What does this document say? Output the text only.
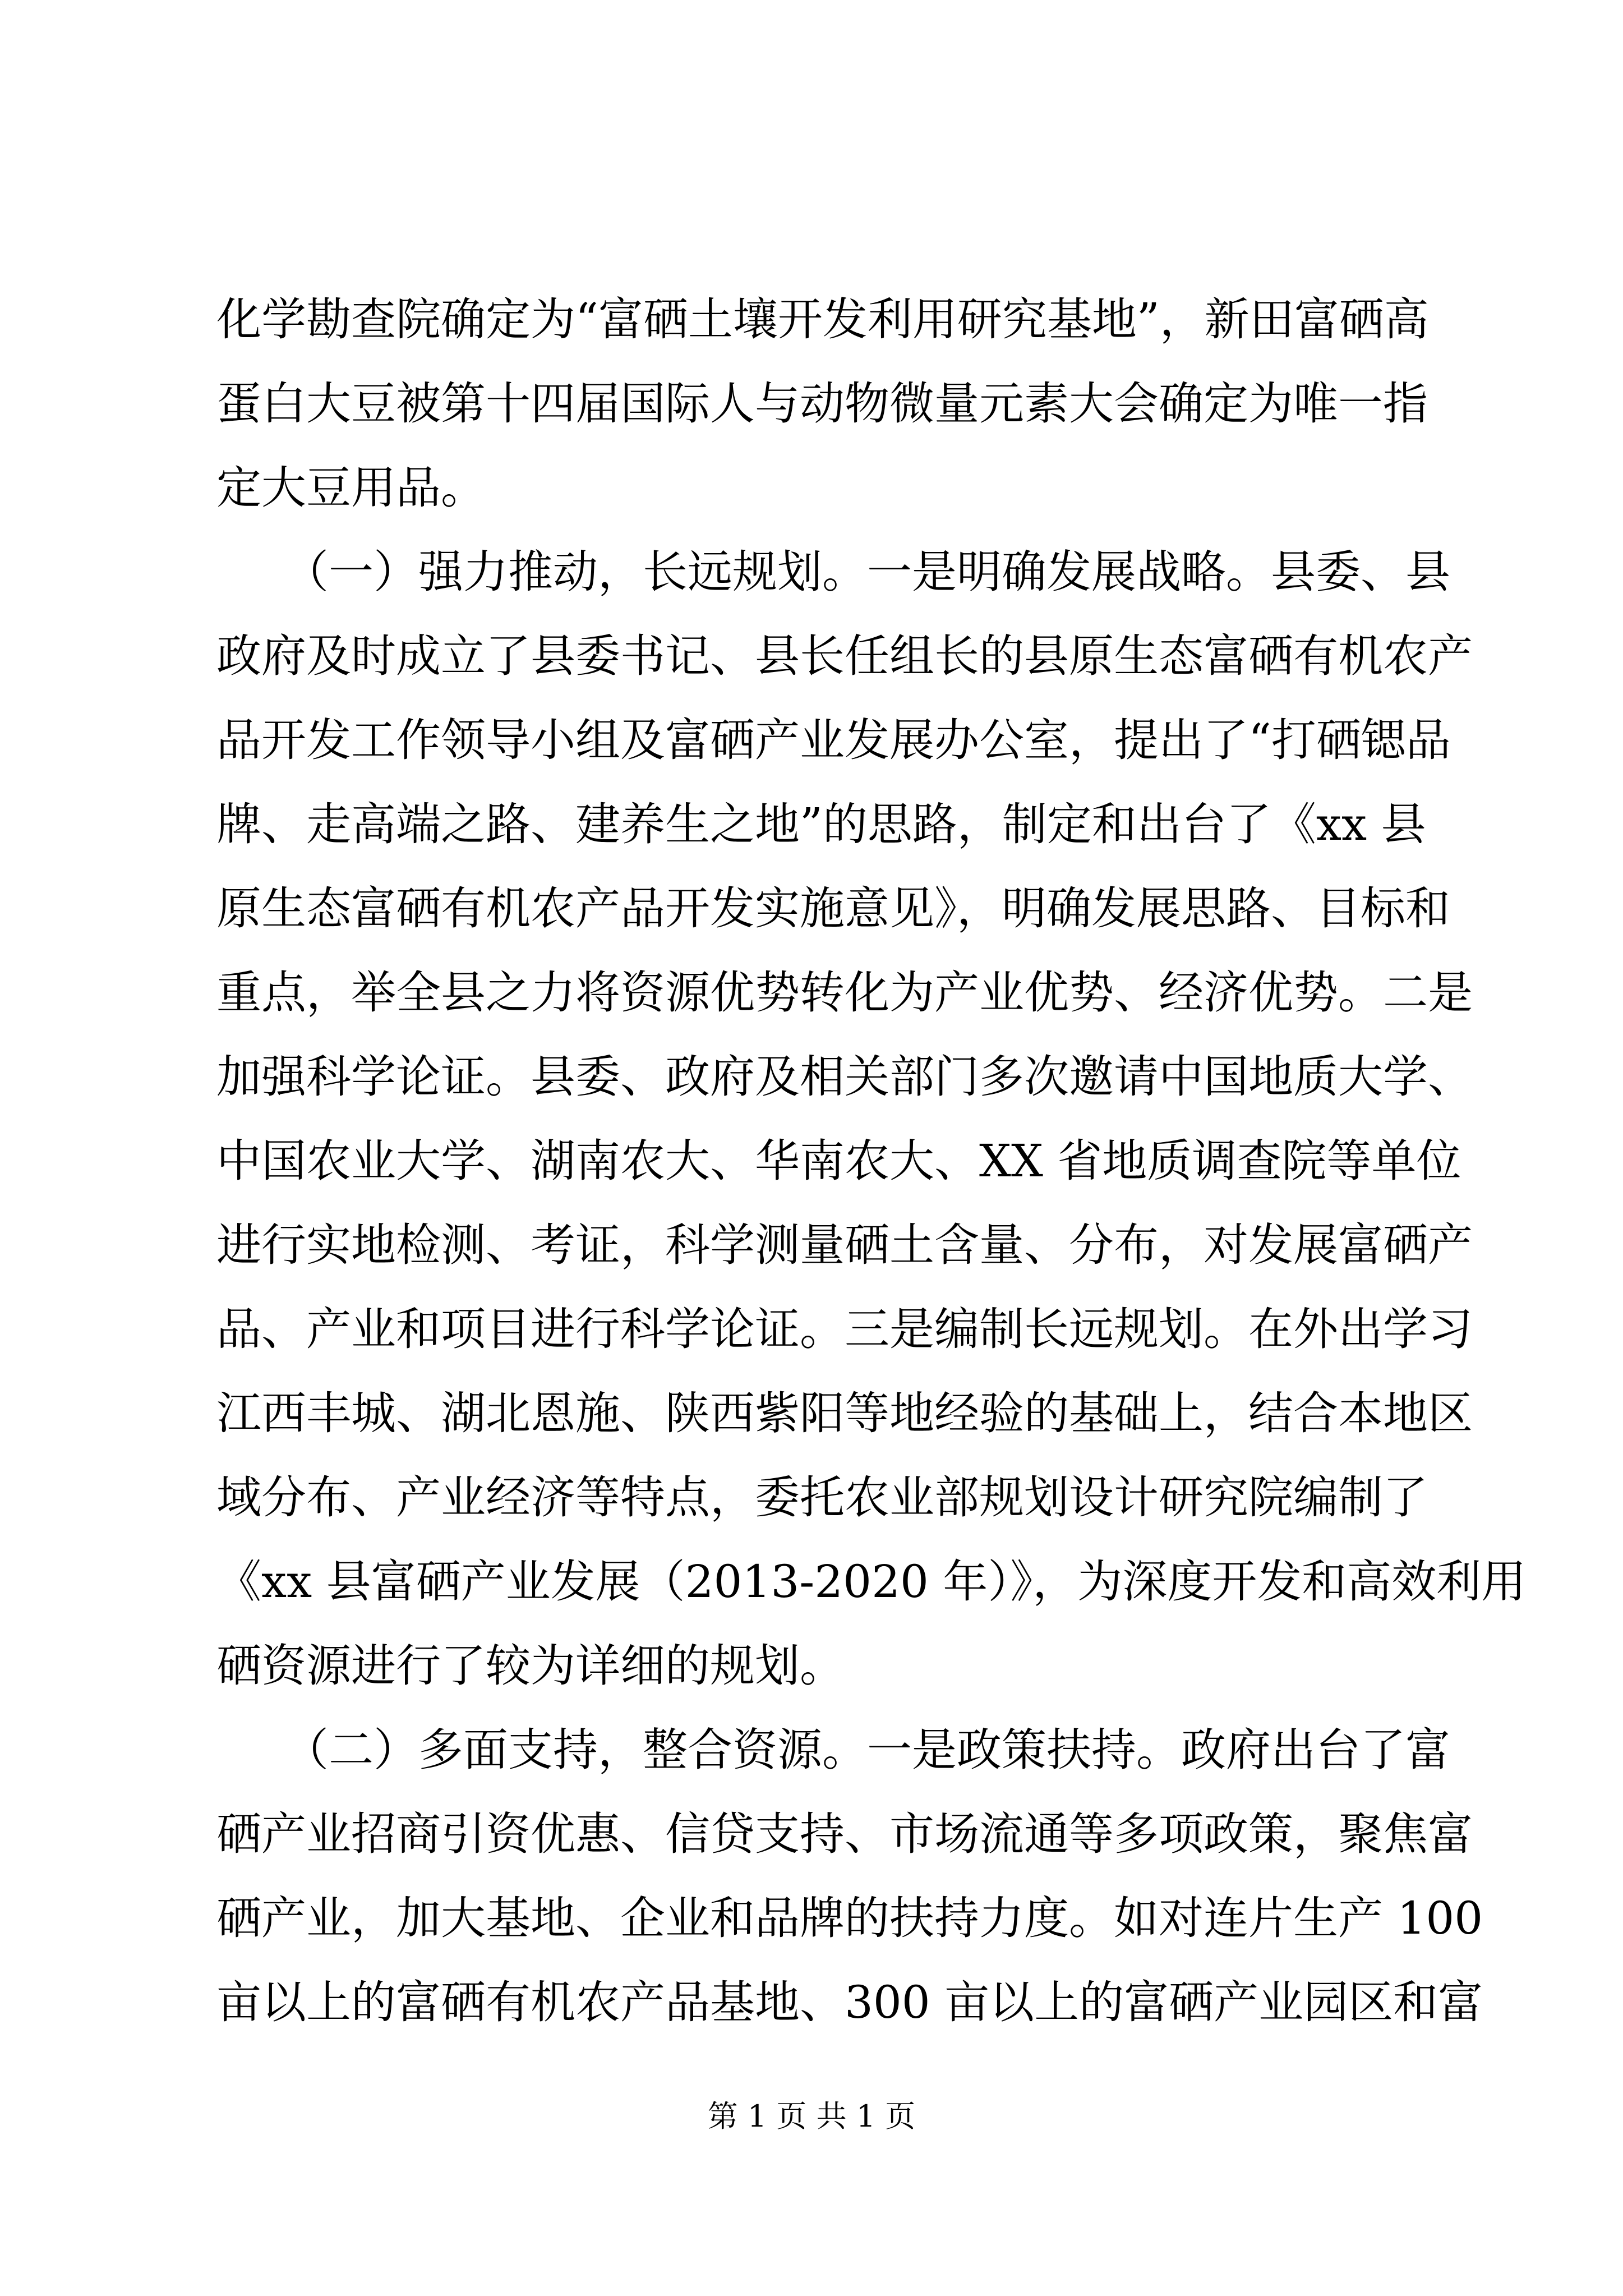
化学勘查院确定为“富硒土壤开发利用研究基地”，新田富硒高
蛋白大豆被第十四届国际人与动物微量元素大会确定为唯一指
定大豆用品。
　　（一）强力推动，长远规划。一是明确发展战略。县委、县
政府及时成立了县委书记、县长任组长的县原生态富硒有机农产
品开发工作领导小组及富硒产业发展办公室，提出了“打硒锶品
牌、走高端之路、建养生之地”的思路，制定和出台了《xx 县
原生态富硒有机农产品开发实施意见》，明确发展思路、目标和
重点，举全县之力将资源优势转化为产业优势、经济优势。二是
加强科学论证。县委、政府及相关部门多次邀请中国地质大学、
中国农业大学、湖南农大、华南农大、XX 省地质调查院等单位
进行实地检测、考证，科学测量硒土含量、分布，对发展富硒产
品、产业和项目进行科学论证。三是编制长远规划。在外出学习
江西丰城、湖北恩施、陕西紫阳等地经验的基础上，结合本地区
域分布、产业经济等特点，委托农业部规划设计研究院编制了
《xx 县富硒产业发展（2013-2020 年）》，为深度开发和高效利用
硒资源进行了较为详细的规划。
　　（二）多面支持，整合资源。一是政策扶持。政府出台了富
硒产业招商引资优惠、信贷支持、市场流通等多项政策，聚焦富
硒产业，加大基地、企业和品牌的扶持力度。如对连片生产 100
亩以上的富硒有机农产品基地、300 亩以上的富硒产业园区和富
第 1 页 共 1 页
